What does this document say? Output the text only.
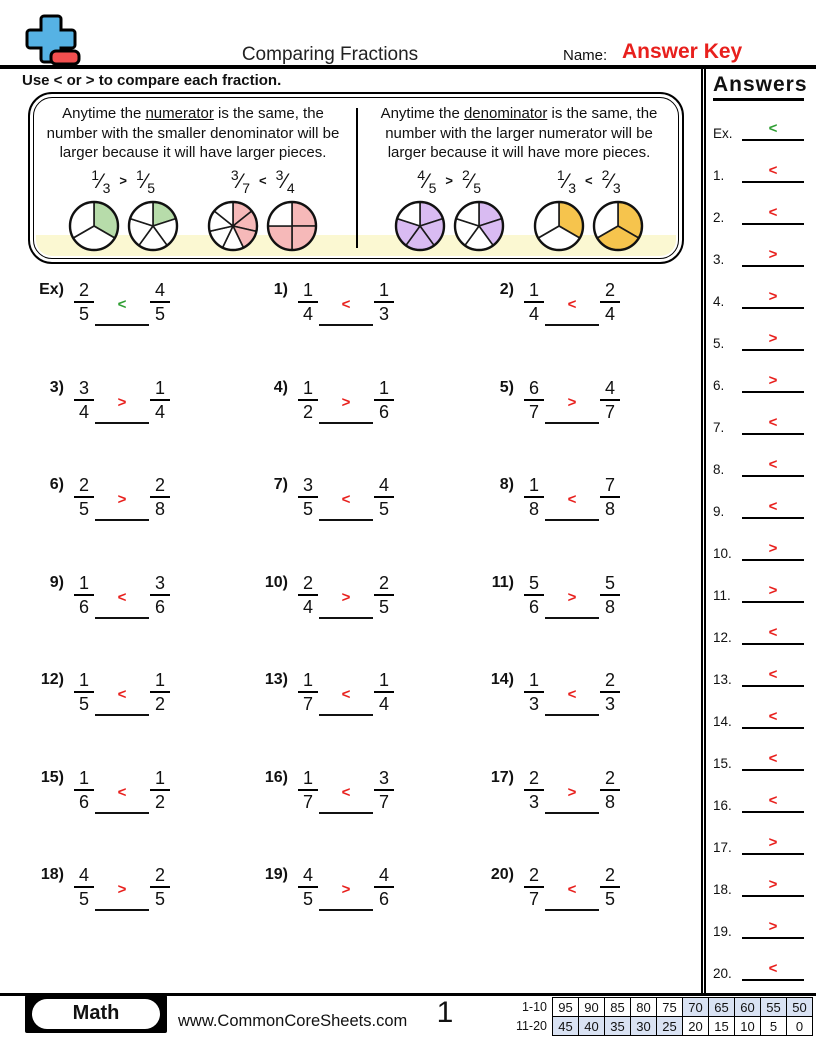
Comparing Fractions	Name: Answer Key
Use < or > to compare each fraction.
Anytime the numerator is the same, the number with the smaller denominator will be larger because it will have larger pieces.
1⁄3 > 1⁄5
3⁄7 < 3⁄4
Anytime the denominator is the same, the number with the larger numerator will be larger because it will have more pieces.
4⁄5 > 2⁄5
1⁄3 < 2⁄3
$Ex) \frac{2}{5}$	<	$\frac{4}{5}$	$1) \frac{1}{4}$	<	$\frac{1}{3}$	$2) \frac{1}{4}$	<	$\frac{2}{4}$
$3) \frac{3}{4}$	>	$\frac{1}{4}$	$4) \frac{1}{2}$	>	$\frac{1}{6}$	$5) \frac{6}{7}$	>	$\frac{4}{7}$
$6) \frac{2}{5}$	>	$\frac{2}{8}$	$7) \frac{3}{5}$	<	$\frac{4}{5}$	$8) \frac{1}{8}$	<	$\frac{7}{8}$
$9) \frac{1}{6}$	<	$\frac{3}{6}$	$10) \frac{2}{4}$	>	$\frac{2}{5}$	$11) \frac{5}{6}$	>	$\frac{5}{8}$
$12) \frac{1}{5}$	<	$\frac{1}{2}$	$13) \frac{1}{7}$	<	$\frac{1}{4}$	$14) \frac{1}{3}$	<	$\frac{2}{3}$
$15) \frac{1}{6}$	<	$\frac{1}{2}$	$16) \frac{1}{7}$	<	$\frac{3}{7}$	$17) \frac{2}{3}$	>	$\frac{2}{8}$
$18) \frac{4}{5}$	>	$\frac{2}{5}$	$19) \frac{4}{5}$	>	$\frac{4}{6}$	$20) \frac{2}{7}$	<	$\frac{2}{5}$
Answers
Ex.	<
1.	<
2.	<
3.	>
4.	>
5.	>
6.	>
7.	<
8.	<
9.	<
10.	>
11.	>
12.	<
13.	<
14.	<
15.	<
16.	<
17.	>
18.	>
19.	>
20.	<
Math	www.CommonCoreSheets.com 1	1-10	95	90	85	80	75	70	65	60	55	50
11-20	45	40	35	30	25	20	15	10	5	0
